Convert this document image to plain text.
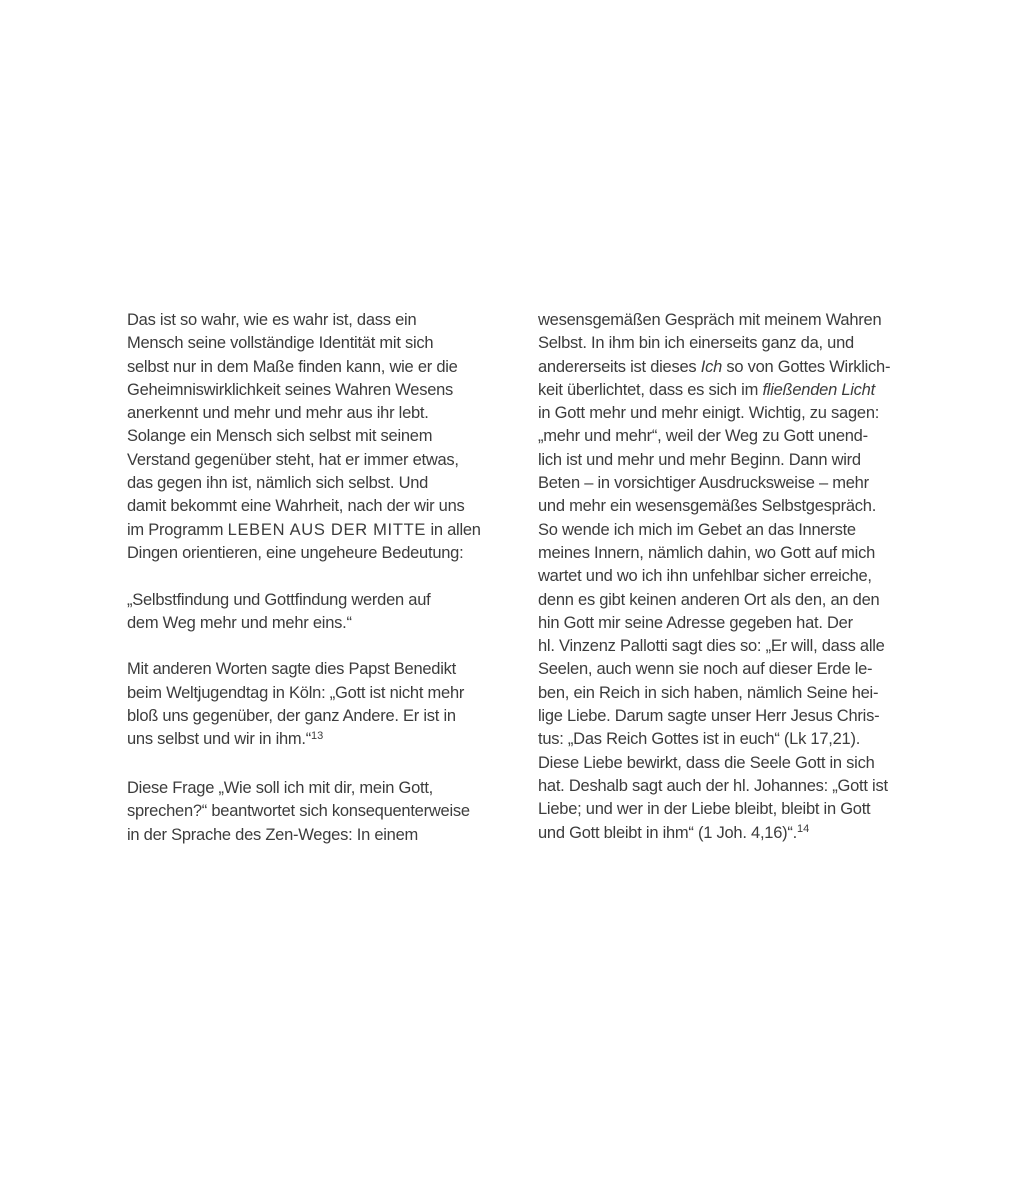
Das ist so wahr, wie es wahr ist, dass ein
Mensch seine vollständige Identität mit sich
selbst nur in dem Maße finden kann, wie er die
Geheimniswirklichkeit seines Wahren Wesens
anerkennt und mehr und mehr aus ihr lebt.
Solange ein Mensch sich selbst mit seinem
Verstand gegenüber steht, hat er immer etwas,
das gegen ihn ist, nämlich sich selbst. Und
damit bekommt eine Wahrheit, nach der wir uns
im Programm LEBEN AUS DER MITTE in allen
Dingen orientieren, eine ungeheure Bedeutung:
„Selbstfindung und Gottfindung werden auf
dem Weg mehr und mehr eins.“
Mit anderen Worten sagte dies Papst Benedikt
beim Weltjugendtag in Köln: „Gott ist nicht mehr
bloß uns gegenüber, der ganz Andere. Er ist in
uns selbst und wir in ihm.“$^{13}$
Diese Frage „Wie soll ich mit dir, mein Gott,
sprechen?“ beantwortet sich konsequenterweise
in der Sprache des Zen-Weges: In einem
wesensgemäßen Gespräch mit meinem Wahren
Selbst. In ihm bin ich einerseits ganz da, und
andererseits ist dieses Ich so von Gottes Wirklich-
keit überlichtet, dass es sich im fließenden Licht
in Gott mehr und mehr einigt. Wichtig, zu sagen:
„mehr und mehr“, weil der Weg zu Gott unend-
lich ist und mehr und mehr Beginn. Dann wird
Beten – in vorsichtiger Ausdrucksweise – mehr
und mehr ein wesensgemäßes Selbstgespräch.
So wende ich mich im Gebet an das Innerste
meines Innern, nämlich dahin, wo Gott auf mich
wartet und wo ich ihn unfehlbar sicher erreiche,
denn es gibt keinen anderen Ort als den, an den
hin Gott mir seine Adresse gegeben hat. Der
hl. Vinzenz Pallotti sagt dies so: „Er will, dass alle
Seelen, auch wenn sie noch auf dieser Erde le-
ben, ein Reich in sich haben, nämlich Seine hei-
lige Liebe. Darum sagte unser Herr Jesus Chris-
tus: „Das Reich Gottes ist in euch“ (Lk 17,21).
Diese Liebe bewirkt, dass die Seele Gott in sich
hat. Deshalb sagt auch der hl. Johannes: „Gott ist
Liebe; und wer in der Liebe bleibt, bleibt in Gott
und Gott bleibt in ihm“ (1 Joh. 4,16)“.$^{14}$
